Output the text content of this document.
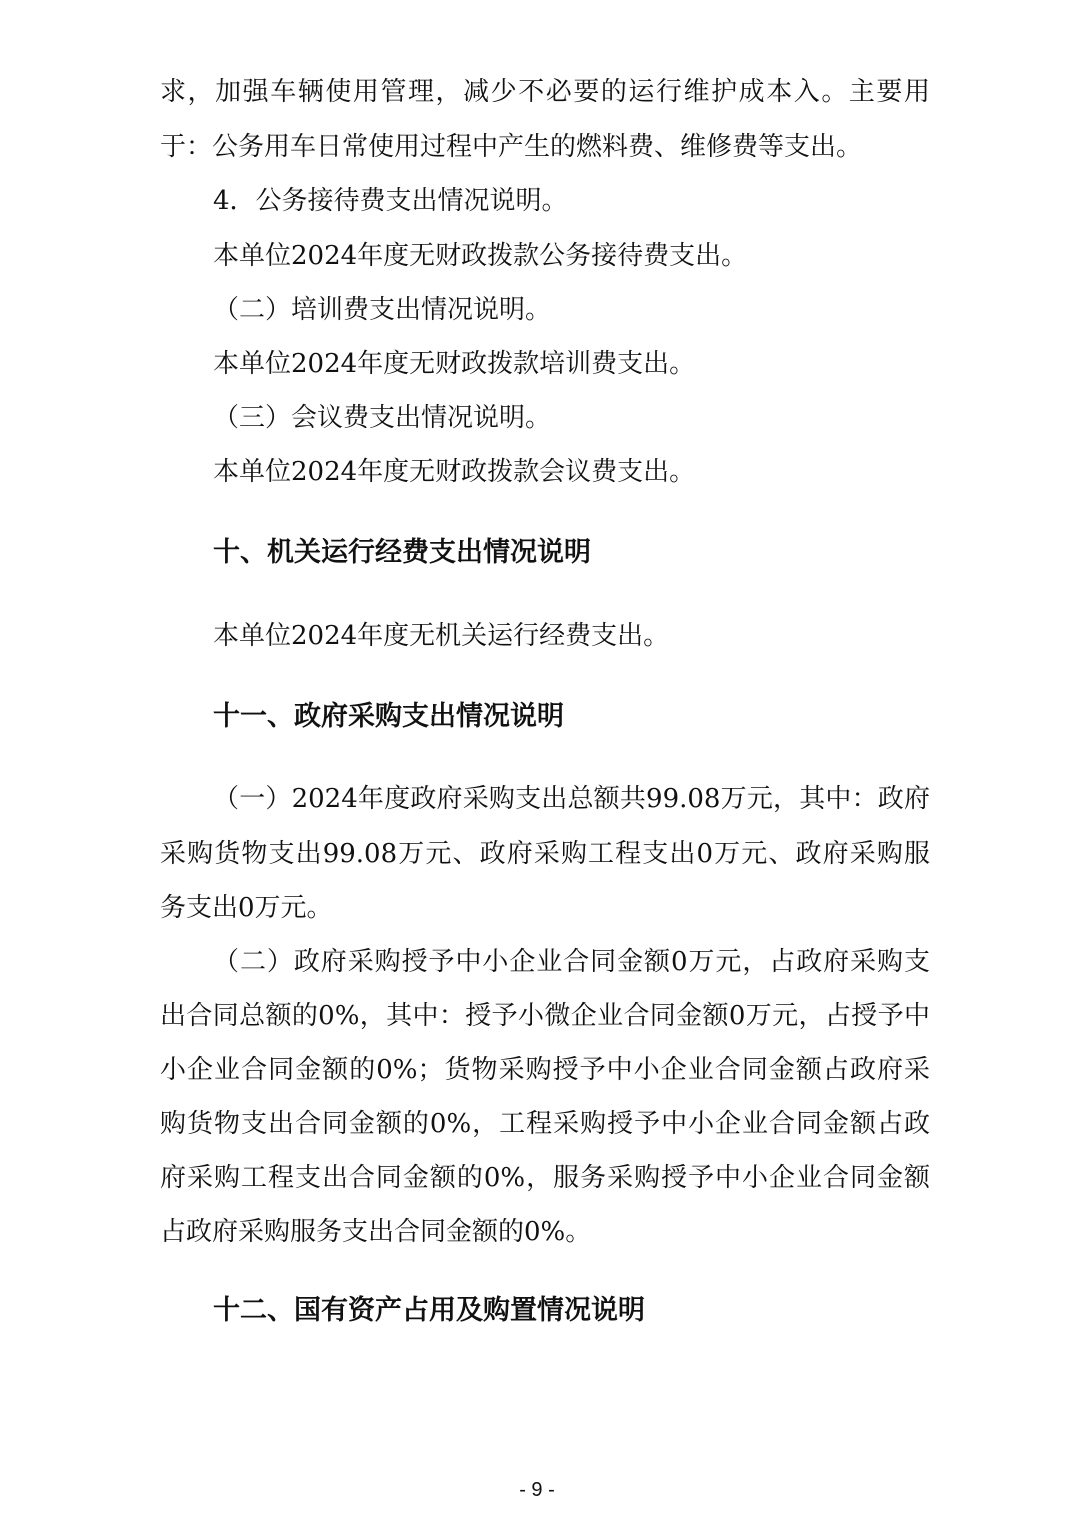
求，加强车辆使用管理，减少不必要的运行维护成本入。主要用
于：公务用车日常使用过程中产生的燃料费、维修费等支出。
4．公务接待费支出情况说明。
本单位2024年度无财政拨款公务接待费支出。
（二）培训费支出情况说明。
本单位2024年度无财政拨款培训费支出。
（三）会议费支出情况说明。
本单位2024年度无财政拨款会议费支出。
十、机关运行经费支出情况说明
本单位2024年度无机关运行经费支出。
十一、政府采购支出情况说明
（一）2024年度政府采购支出总额共99.08万元，其中：政府
采购货物支出99.08万元、政府采购工程支出0万元、政府采购服
务支出0万元。
（二）政府采购授予中小企业合同金额0万元，占政府采购支
出合同总额的0%，其中：授予小微企业合同金额0万元，占授予中
小企业合同金额的0%；货物采购授予中小企业合同金额占政府采
购货物支出合同金额的0%，工程采购授予中小企业合同金额占政
府采购工程支出合同金额的0%，服务采购授予中小企业合同金额
占政府采购服务支出合同金额的0%。
十二、国有资产占用及购置情况说明
- 9 -
